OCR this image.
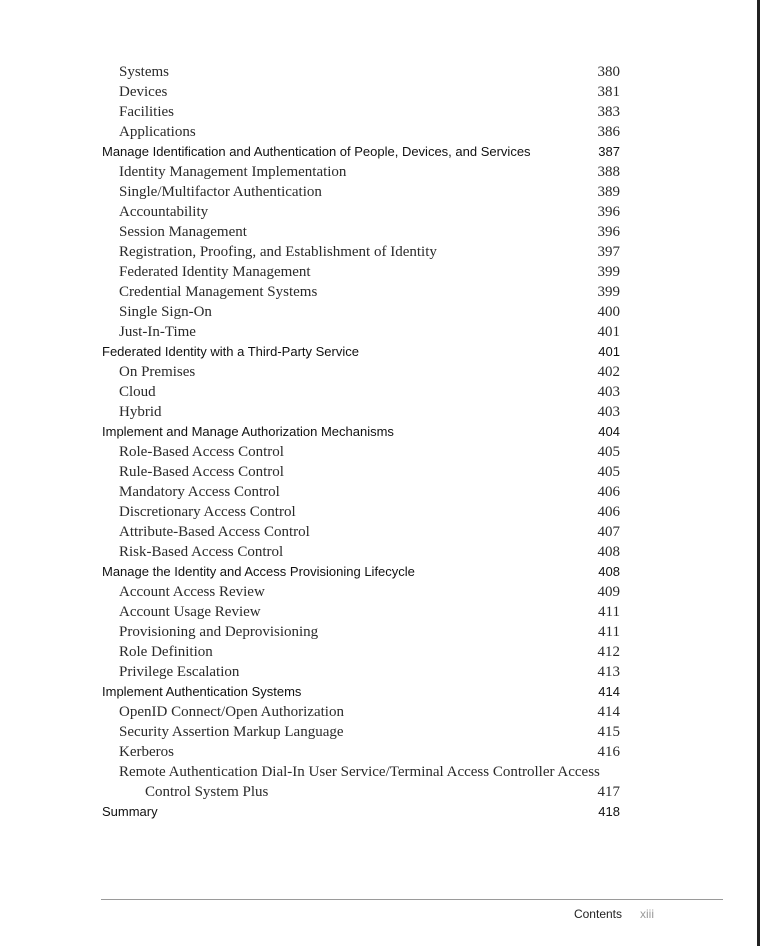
Systems	380
Devices	381
Facilities	383
Applications	386
Manage Identification and Authentication of People, Devices, and Services	387
Identity Management Implementation	388
Single/Multifactor Authentication	389
Accountability	396
Session Management	396
Registration, Proofing, and Establishment of Identity	397
Federated Identity Management	399
Credential Management Systems	399
Single Sign-On	400
Just-In-Time	401
Federated Identity with a Third-Party Service	401
On Premises	402
Cloud	403
Hybrid	403
Implement and Manage Authorization Mechanisms	404
Role-Based Access Control	405
Rule-Based Access Control	405
Mandatory Access Control	406
Discretionary Access Control	406
Attribute-Based Access Control	407
Risk-Based Access Control	408
Manage the Identity and Access Provisioning Lifecycle	408
Account Access Review	409
Account Usage Review	411
Provisioning and Deprovisioning	411
Role Definition	412
Privilege Escalation	413
Implement Authentication Systems	414
OpenID Connect/Open Authorization	414
Security Assertion Markup Language	415
Kerberos	416
Remote Authentication Dial-In User Service/Terminal Access Controller Access
Control System Plus	417
Summary	418
Contents xiii
